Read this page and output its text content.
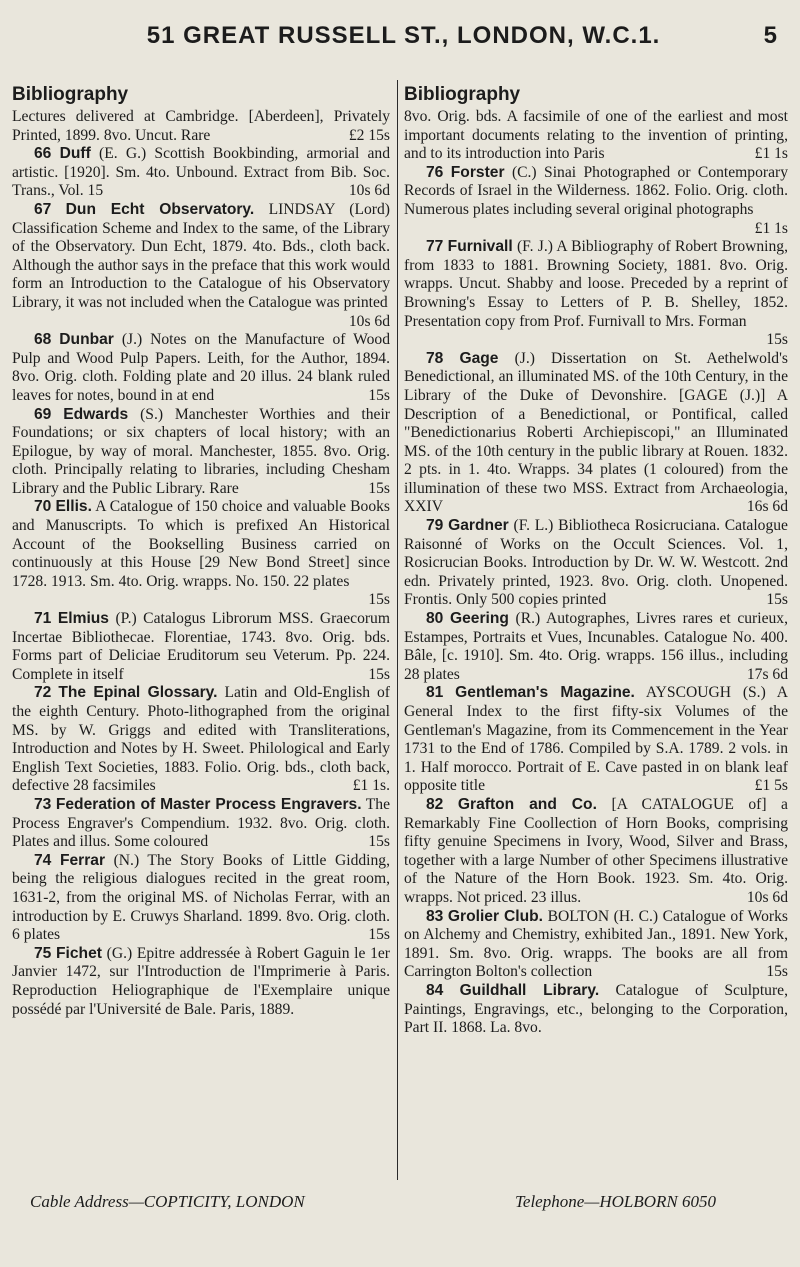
51 GREAT RUSSELL ST., LONDON, W.C.1.	5
Bibliography

Lectures delivered at Cambridge. [Aberdeen], Privately Printed, 1899. 8vo. Uncut. Rare	£2 15s

66 Duff (E. G.) Scottish Bookbinding, armorial and artistic. [1920]. Sm. 4to. Unbound. Extract from Bib. Soc. Trans., Vol. 15	10s 6d

67 Dun Echt Observatory. LINDSAY (Lord) Classification Scheme and Index to the same, of the Library of the Observatory. Dun Echt, 1879. 4to. Bds., cloth back. Although the author says in the preface that this work would form an Introduction to the Catalogue of his Observatory Library, it was not included when the Catalogue was printed
10s 6d

68 Dunbar (J.) Notes on the Manufacture of Wood Pulp and Wood Pulp Papers. Leith, for the Author, 1894. 8vo. Orig. cloth. Folding plate and 20 illus. 24 blank ruled leaves for notes, bound in at end	15s

69 Edwards (S.) Manchester Worthies and their Foundations; or six chapters of local history; with an Epilogue, by way of moral. Manchester, 1855. 8vo. Orig. cloth. Principally relating to libraries, including Chesham Library and the Public Library. Rare	15s

70 Ellis. A Catalogue of 150 choice and valuable Books and Manuscripts. To which is prefixed An Historical Account of the Bookselling Business carried on continuously at this House [29 New Bond Street] since 1728. 1913. Sm. 4to. Orig. wrapps. No. 150. 22 plates
15s

71 Elmius (P.) Catalogus Librorum MSS. Graecorum Incertae Bibliothecae. Florentiae, 1743. 8vo. Orig. bds. Forms part of Deliciae Eruditorum seu Veterum. Pp. 224. Complete in itself	15s

72 The Epinal Glossary. Latin and Old-English of the eighth Century. Photo-lithographed from the original MS. by W. Griggs and edited with Transliterations, Introduction and Notes by H. Sweet. Philological and Early English Text Societies, 1883. Folio. Orig. bds., cloth back, defective 28 facsimiles	£1 1s.

73 Federation of Master Process Engravers. The Process Engraver's Compendium. 1932. 8vo. Orig. cloth. Plates and illus. Some coloured	15s

74 Ferrar (N.) The Story Books of Little Gidding, being the religious dialogues recited in the great room, 1631-2, from the original MS. of Nicholas Ferrar, with an introduction by E. Cruwys Sharland. 1899. 8vo. Orig. cloth. 6 plates	15s

75 Fichet (G.) Epitre addressée à Robert Gaguin le 1er Janvier 1472, sur l'Introduction de l'Imprimerie à Paris. Reproduction Heliographique de l'Exemplaire unique possédé par l'Université de Bale. Paris, 1889.

Bibliography

8vo. Orig. bds. A facsimile of one of the earliest and most important documents relating to the invention of printing, and to its introduction into Paris	£1 1s

76 Forster (C.) Sinai Photographed or Contemporary Records of Israel in the Wilderness. 1862. Folio. Orig. cloth. Numerous plates including several original photographs
£1 1s

77 Furnivall (F. J.) A Bibliography of Robert Browning, from 1833 to 1881. Browning Society, 1881. 8vo. Orig. wrapps. Uncut. Shabby and loose. Preceded by a reprint of Browning's Essay to Letters of P. B. Shelley, 1852. Presentation copy from Prof. Furnivall to Mrs. Forman
15s

78 Gage (J.) Dissertation on St. Aethelwold's Benedictional, an illuminated MS. of the 10th Century, in the Library of the Duke of Devonshire. [GAGE (J.)] A Description of a Benedictional, or Pontifical, called "Benedictionarius Roberti Archiepiscopi," an Illuminated MS. of the 10th century in the public library at Rouen. 1832. 2 pts. in 1. 4to. Wrapps. 34 plates (1 coloured) from the illumination of these two MSS. Extract from Archaeologia, XXIV	16s 6d

79 Gardner (F. L.) Bibliotheca Rosicruciana. Catalogue Raisonné of Works on the Occult Sciences. Vol. 1, Rosicrucian Books. Introduction by Dr. W. W. Westcott. 2nd edn. Privately printed, 1923. 8vo. Orig. cloth. Unopened. Frontis. Only 500 copies printed	15s

80 Geering (R.) Autographes, Livres rares et curieux, Estampes, Portraits et Vues, Incunables. Catalogue No. 400. Bâle, [c. 1910]. Sm. 4to. Orig. wrapps. 156 illus., including 28 plates	17s 6d

81 Gentleman's Magazine. AYSCOUGH (S.) A General Index to the first fifty-six Volumes of the Gentleman's Magazine, from its Commencement in the Year 1731 to the End of 1786. Compiled by S.A. 1789. 2 vols. in 1. Half morocco. Portrait of E. Cave pasted in on blank leaf opposite title	£1 5s

82 Grafton and Co. [A CATALOGUE of] a Remarkably Fine Coollection of Horn Books, comprising fifty genuine Specimens in Ivory, Wood, Silver and Brass, together with a large Number of other Specimens illustrative of the Nature of the Horn Book. 1923. Sm. 4to. Orig. wrapps. Not priced. 23 illus.	10s 6d

83 Grolier Club. BOLTON (H. C.) Catalogue of Works on Alchemy and Chemistry, exhibited Jan., 1891. New York, 1891. Sm. 8vo. Orig. wrapps. The books are all from Carrington Bolton's collection	15s

84 Guildhall Library. Catalogue of Sculpture, Paintings, Engravings, etc., belonging to the Corporation, Part II. 1868. La. 8vo.

Cable Address—COPTICITY, LONDON	Telephone—HOLBORN 6050
